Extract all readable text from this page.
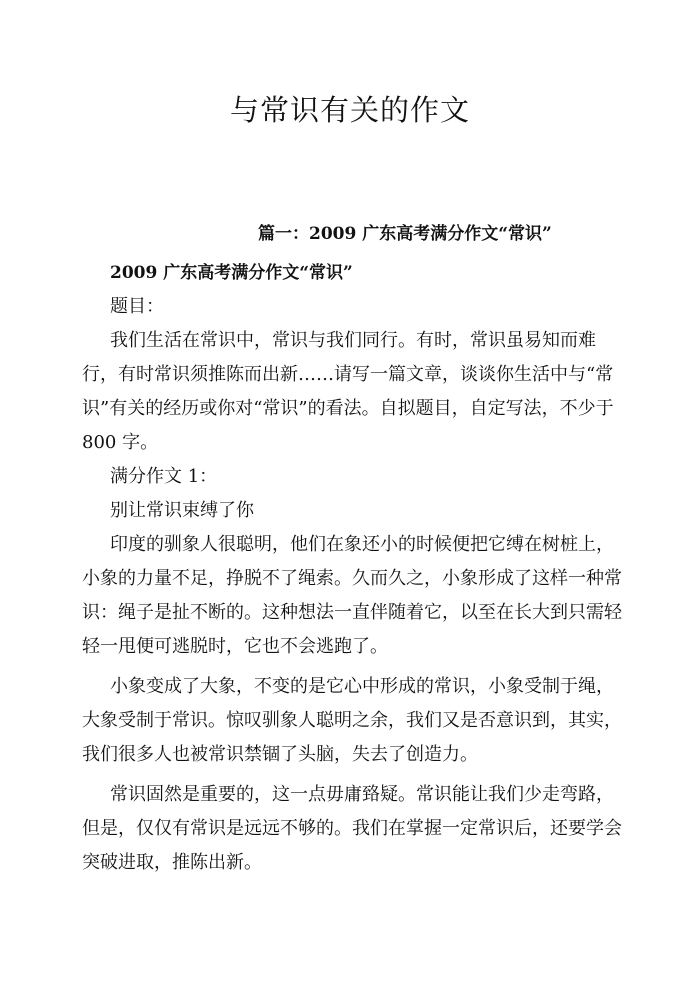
与常识有关的作文

篇一：2009 广东高考满分作文“常识”

2009 广东高考满分作文“常识”

题目：

我们生活在常识中，常识与我们同行。有时，常识虽易知而难行，有时常识须推陈而出新……请写一篇文章，谈谈你生活中与“常识”有关的经历或你对“常识”的看法。自拟题目，自定写法，不少于 800 字。

满分作文 1：

别让常识束缚了你

印度的驯象人很聪明，他们在象还小的时候便把它缚在树桩上，小象的力量不足，挣脱不了绳索。久而久之，小象形成了这样一种常识：绳子是扯不断的。这种想法一直伴随着它，以至在长大到只需轻轻一甩便可逃脱时，它也不会逃跑了。

小象变成了大象，不变的是它心中形成的常识，小象受制于绳，大象受制于常识。惊叹驯象人聪明之余，我们又是否意识到，其实，我们很多人也被常识禁锢了头脑，失去了创造力。

常识固然是重要的，这一点毋庸臵疑。常识能让我们少走弯路，但是，仅仅有常识是远远不够的。我们在掌握一定常识后，还要学会突破进取，推陈出新。
